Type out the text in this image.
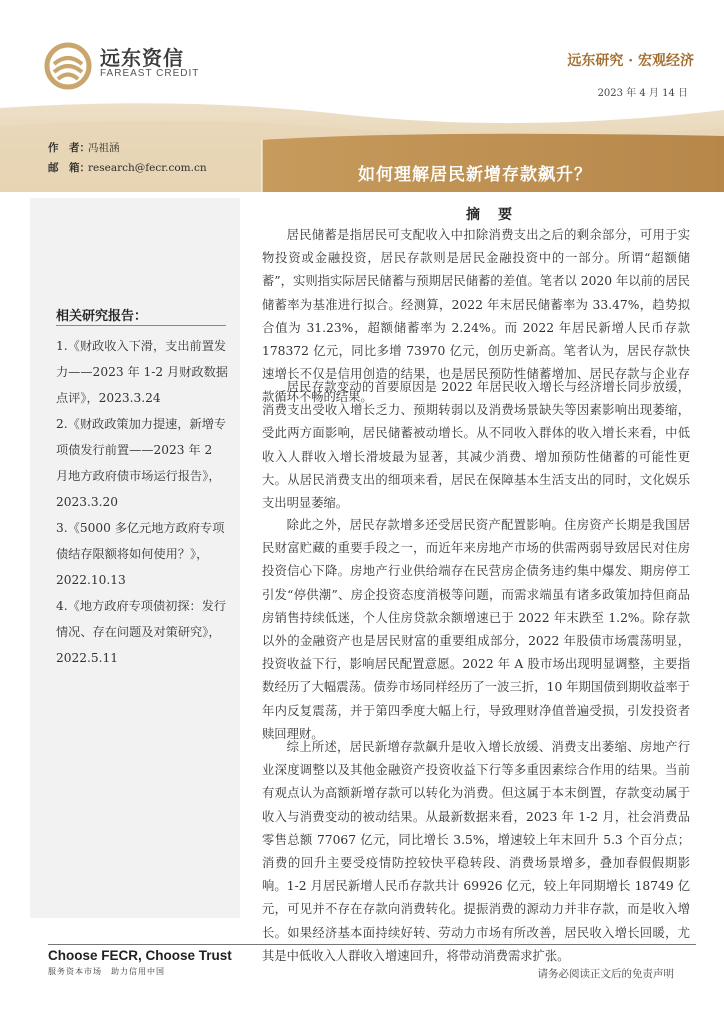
远东资信
FAREAST CREDIT
远东研究 · 宏观经济
2023 年 4 月 14 日
作　者：冯祖涵
邮　箱：research@fecr.com.cn	如何理解居民新增存款飙升？
相关研究报告：
1.《财政收入下滑，支出前置发力——2023 年 1-2 月财政数据点评》，2023.3.24
2.《财政政策加力提速，新增专项债发行前置——2023 年 2 月地方政府债市场运行报告》，2023.3.20
3.《5000 多亿元地方政府专项债结存限额将如何使用？》，2022.10.13
4.《地方政府专项债初探：发行情况、存在问题及对策研究》，2022.5.11
摘要
居民储蓄是指居民可支配收入中扣除消费支出之后的剩余部分，可用于实物投资或金融投资，居民存款则是居民金融投资中的一部分。所谓“超额储蓄”，实则指实际居民储蓄与预期居民储蓄的差值。笔者以 2020 年以前的居民储蓄率为基准进行拟合。经测算，2022 年末居民储蓄率为 33.47%，趋势拟合值为 31.23%，超额储蓄率为 2.24%。而 2022 年居民新增人民币存款 178372 亿元，同比多增 73970 亿元，创历史新高。笔者认为，居民存款快速增长不仅是信用创造的结果，也是居民预防性储蓄增加、居民存款与企业存款循环不畅的结果。
居民存款变动的首要原因是 2022 年居民收入增长与经济增长同步放缓，消费支出受收入增长乏力、预期转弱以及消费场景缺失等因素影响出现萎缩，受此两方面影响，居民储蓄被动增长。从不同收入群体的收入增长来看，中低收入人群收入增长滑坡最为显著，其减少消费、增加预防性储蓄的可能性更大。从居民消费支出的细项来看，居民在保障基本生活支出的同时，文化娱乐支出明显萎缩。
除此之外，居民存款增多还受居民资产配置影响。住房资产长期是我国居民财富贮藏的重要手段之一，而近年来房地产市场的供需两弱导致居民对住房投资信心下降。房地产行业供给端存在民营房企债务违约集中爆发、期房停工引发“停供潮”、房企投资态度消极等问题，而需求端虽有诸多政策加持但商品房销售持续低迷，个人住房贷款余额增速已于 2022 年末跌至 1.2%。除存款以外的金融资产也是居民财富的重要组成部分，2022 年股债市场震荡明显，投资收益下行，影响居民配置意愿。2022 年 A 股市场出现明显调整，主要指数经历了大幅震荡。债券市场同样经历了一波三折，10 年期国债到期收益率于年内反复震荡，并于第四季度大幅上行，导致理财净值普遍受损，引发投资者赎回理财。
综上所述，居民新增存款飙升是收入增长放缓、消费支出萎缩、房地产行业深度调整以及其他金融资产投资收益下行等多重因素综合作用的结果。当前有观点认为高额新增存款可以转化为消费。但这属于本末倒置，存款变动属于收入与消费变动的被动结果。从最新数据来看，2023 年 1-2 月，社会消费品零售总额 77067 亿元，同比增长 3.5%，增速较上年末回升 5.3 个百分点；消费的回升主要受疫情防控较快平稳转段、消费场景增多，叠加春假假期影响。1-2 月居民新增人民币存款共计 69926 亿元，较上年同期增长 18749 亿元，可见并不存在存款向消费转化。提振消费的源动力并非存款，而是收入增长。如果经济基本面持续好转、劳动力市场有所改善，居民收入增长回暖，尤其是中低收入人群收入增速回升，将带动消费需求扩张。
Choose FECR, Choose Trust
服务资本市场　助力信用中国	请务必阅读正文后的免责声明
